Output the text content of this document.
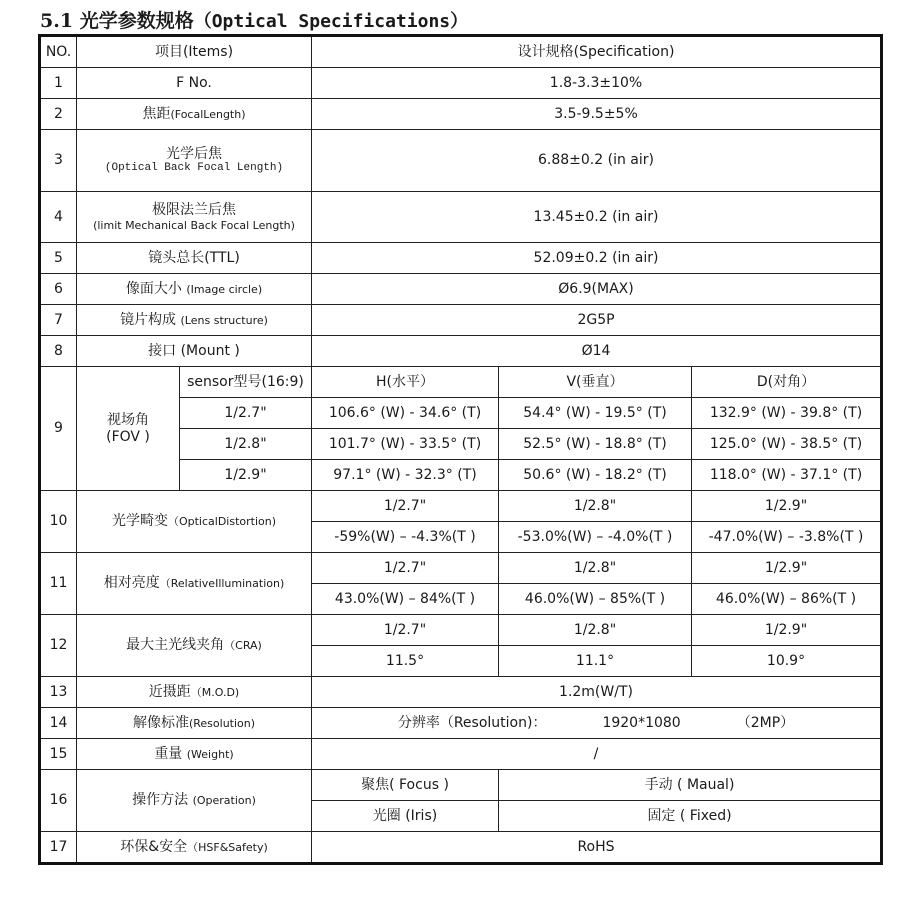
5.1 光学参数规格（Optical Specifications）
NO.	项目(Items)		设计规格(Specification)		
1	F No.		1.8-3.3±10%		
2	焦距(FocalLength)		3.5-9.5±5%		
3	光学后焦
(Optical Back Focal Length)		6.88±0.2 (in air)		
4	极限法兰后焦
(limit Mechanical Back Focal Length)		13.45±0.2 (in air)		
5	镜头总长(TTL)		52.09±0.2 (in air)		
6	像面大小 (Image circle)		Ø6.9(MAX)		
7	镜片构成 (Lens structure)		2G5P		
8	接口 (Mount )		Ø14		
9	视场角
(FOV )	sensor型号(16:9)	H(水平）	V(垂直）	D(对角）
		1/2.7"	106.6° (W) - 34.6° (T)	54.4° (W) - 19.5° (T)	132.9° (W) - 39.8° (T)
		1/2.8"	101.7° (W) - 33.5° (T)	52.5° (W) - 18.8° (T)	125.0° (W) - 38.5° (T)
		1/2.9"	97.1° (W) - 32.3° (T)	50.6° (W) - 18.2° (T)	118.0° (W) - 37.1° (T)
10	光学畸变（OpticalDistortion)		1/2.7"	1/2.8"	1/2.9"
			-59%(W) – -4.3%(T )	-53.0%(W) – -4.0%(T )	-47.0%(W) – -3.8%(T )
11	相对亮度（RelativeIllumination)		1/2.7"	1/2.8"	1/2.9"
			43.0%(W) – 84%(T )	46.0%(W) – 85%(T )	46.0%(W) – 86%(T )
12	最大主光线夹角（CRA)		1/2.7"	1/2.8"	1/2.9"
			11.5°	11.1°	10.9°
13	近摄距（M.O.D)		1.2m(W/T)		
14	解像标准(Resolution)		分辨率（Resolution)： 1920*1080 （2MP）		
15	重量 (Weight)		/		
16	操作方法 (Operation)		聚焦( Focus )	手动 ( Maual)	
			光圈 (Iris)	固定 ( Fixed)	
17	环保&安全（HSF&Safety)		RoHS		
